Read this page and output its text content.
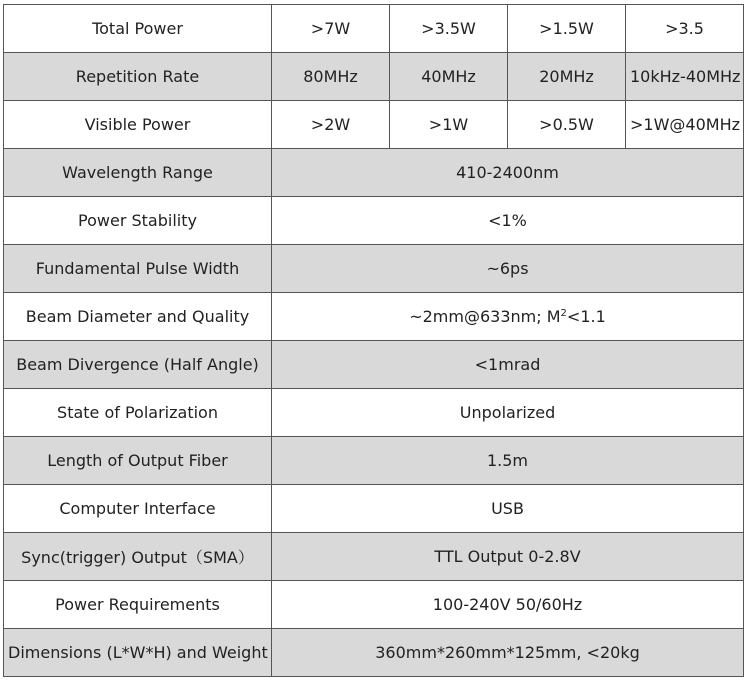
Total Power	>7W	>3.5W	>1.5W	>3.5
Repetition Rate	80MHz	40MHz	20MHz	10kHz-40MHz
Visible Power	>2W	>1W	>0.5W	>1W@40MHz
Wavelength Range	410-2400nm			
Power Stability	<1%			
Fundamental Pulse Width	~6ps			
Beam Diameter and Quality	~2mm@633nm; $M^2<1.1$			
Beam Divergence (Half Angle)	<1mrad			
State of Polarization	Unpolarized			
Length of Output Fiber	1.5m			
Computer Interface	USB			
Sync(trigger) Output（SMA）	TTL Output 0-2.8V			
Power Requirements	100-240V 50/60Hz			
Dimensions (L*W*H) and Weight	360mm*260mm*125mm, <20kg			
